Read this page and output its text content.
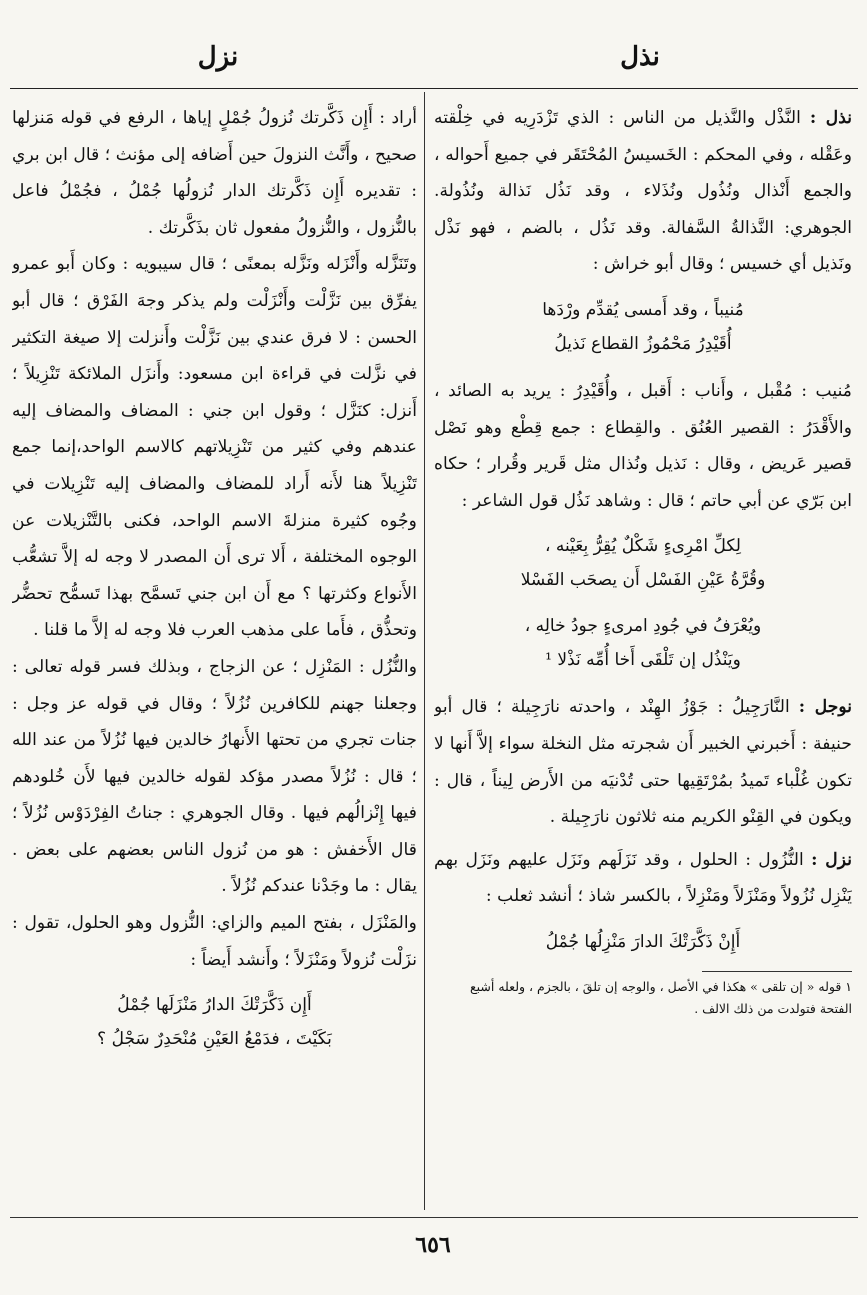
نذل
نزل

نذل : النَّذْل والنَّذيل من الناس : الذي تَزْدَرِيه في خِلْقته وعَقْله ، وفي المحكم : الخَسيسُ المُحْتَقَر في جميع أَحواله ، والجمع أَنْذال ونُذُول ونُذَلاء ، وقد نَذُل نَذالة ونُذُولة. الجوهري: النَّذالةُ السَّفالة. وقد نَذُل ، بالضم ، فهو نَذْل ونَذيل أي خسيس ؛ وقال أبو خراش :

مُنيباً ، وقد أَمسى يُقدِّم ورْدَها
أُقَيْدِرُ مَحْمُوزُ القطاع نَذيلُ

مُنيب : مُقْبل ، وأَناب : أَقبل ، وأُقَيْدِرُ : يريد به الصائد ، والأَقْدَرُ : القصير العُنُق . والقِطاع : جمع قِطْع وهو نَصْل قصير عَريض ، وقال : نَذيل ونُذال مثل قَرير وقُرار ؛ حكاه ابن بَرّي عن أبي حاتم ؛ قال : وشاهد نَذُل قول الشاعر :

لِكلِّ امْرِىءٍ شَكْلٌ يُقِرُّ بِعَيْنه ،
وقُرَّةُ عَيْنِ الفَسْل أَن يصحَب الفَسْلا
ويُعْرَفُ في جُودِ امرىءٍ جودُ خالِه ،
ويَنْذُل إن تَلْقَى أَخا أُمِّه نَذْلا ¹

نوجل : النَّارَجِيلُ : جَوْزُ الهِنْد ، واحدته نارَجِيلة ؛ قال أبو حنيفة : أَخبرني الخبير أَن شجرته مثل النخلة سواء إلاَّ أَنها لا تكون غُلْباء تَميدُ بمُرْتَقِيها حتى تُدْنيَه من الأَرض لِيناً ، قال : ويكون في القِنْو الكريم منه ثلاثون نارَجِيلة .

نزل : النُّزُول : الحلول ، وقد نَزَلَهم ونَزَل عليهم ونَزَل بهم يَنْزِل نُزُولاً ومَنْزَلاً ومَنْزِلاً ، بالكسر شاذ ؛ أنشد ثعلب :

أَإِنْ ذَكَّرَتْكَ الدارَ مَنْزِلُها جُمْلُ
١ قوله « إن تلقى » هكذا في الأصل ، والوجه إن تلقَ ، بالجزم ، ولعله أشبع الفتحة فتولدت من ذلك الالف .

أراد : أَإِن ذَكَّرتك نُزولُ جُمْلٍ إياها ، الرفع في قوله مَنزلها صحيح ، وأَنَّث النزولَ حين أَضافه إلى مؤنث ؛ قال ابن بري : تقديره أَإِن ذَكَّرتك الدار نُزولُها جُمْلُ ، فجُمْلُ فاعل بالنُّزول ، والنُّزولُ مفعول ثان بذَكَّرتك .

وتَنَزَّله وأَنْزَله ونَزَّله بمعنًى ؛ قال سيبويه : وكان أَبو عمرو يفرِّق بين نَزَّلْت وأَنْزَلْت ولم يذكر وجهَ الفَرْق ؛ قال أبو الحسن : لا فرق عندي بين نَزَّلْت وأَنزلت إلا صيغة التكثير في نزَّلت في قراءة ابن مسعود: وأَنزَل الملائكة تَنْزِيلاً ؛ أَنزل: كنَزَّل ؛ وقول ابن جني : المضاف والمضاف إليه عندهم وفي كثير من تَنْزِيلاتهم كالاسم الواحد،إنما جمع تَنْزِيلاً هنا لأَنه أَراد للمضاف والمضاف إليه تَنْزِيلات في وجُوه كثيرة منزلةَ الاسم الواحد، فكنى بالتَّنْزيلات عن الوجوه المختلفة ، أَلا ترى أَن المصدر لا وجه له إلاَّ تشعُّب الأَنواع وكثرتها ؟ مع أَن ابن جني تَسمَّح بهذا تَسمُّح تحضُّر وتحذُّق ، فأَما على مذهب العرب فلا وجه له إلاَّ ما قلنا .

والنُّزُل : المَنْزِل ؛ عن الزجاج ، وبذلك فسر قوله تعالى : وجعلنا جهنم للكافرين نُزُلاً ؛ وقال في قوله عز وجل : جنات تجري من تحتها الأَنهارُ خالدين فيها نُزُلاً من عند الله ؛ قال : نُزُلاً مصدر مؤكد لقوله خالدين فيها لأَن خُلودهم فيها إِنْزالُهم فيها . وقال الجوهري : جناتُ الفِرْدَوْس نُزُلاً ؛ قال الأَخفش : هو من نُزول الناس بعضهم على بعض . يقال : ما وجَدْنا عندكم نُزُلاً .

والمَنْزَل ، بفتح الميم والزاي: النُّزول وهو الحلول، تقول : نزَلْت نُزولاً ومَنْزَلاً ؛ وأَنشد أَيضاً :

أَإِن ذَكَّرَتْكَ الدارُ مَنْزَلَها جُمْلُ
بَكَيْتَ ، فدَمْعُ العَيْنِ مُنْحَدِرٌ سَجْلُ ؟
٦٥٦
